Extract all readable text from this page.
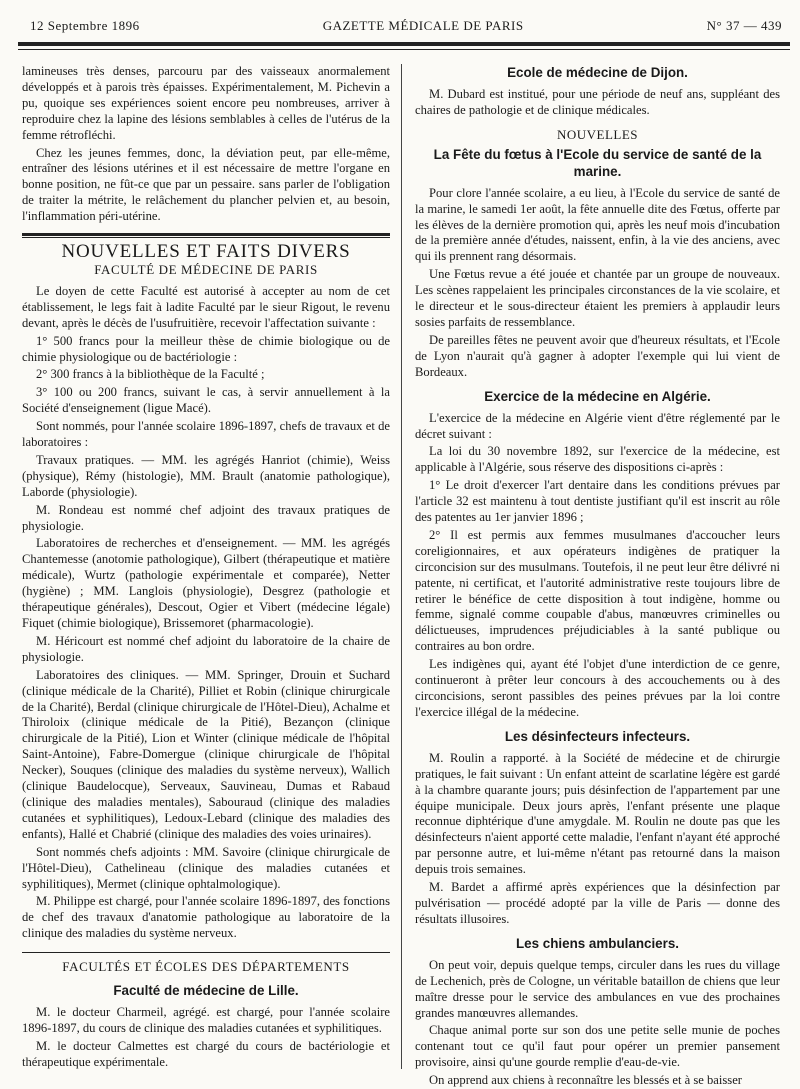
12 Septembre 1896	GAZETTE MÉDICALE DE PARIS	N° 37 — 439

lamineuses très denses, parcouru par des vaisseaux anormalement développés et à parois très épaisses. Expérimentalement, M. Pichevin a pu, quoique ses expériences soient encore peu nombreuses, arriver à reproduire chez la lapine des lésions semblables à celles de l'utérus de la femme rétrofléchi.

Chez les jeunes femmes, donc, la déviation peut, par elle-même, entraîner des lésions utérines et il est nécessaire de mettre l'organe en bonne position, ne fût-ce que par un pessaire. sans parler de l'obligation de traiter la métrite, le relâchement du plancher pelvien et, au besoin, l'inflammation péri-utérine.

NOUVELLES ET FAITS DIVERS
FACULTÉ DE MÉDECINE DE PARIS

Le doyen de cette Faculté est autorisé à accepter au nom de cet établissement, le legs fait à ladite Faculté par le sieur Rigout, le revenu devant, après le décès de l'usufruitière, recevoir l'affectation suivante :

1° 500 francs pour la meilleur thèse de chimie biologique ou de chimie physiologique ou de bactériologie :

2° 300 francs à la bibliothèque de la Faculté ;

3° 100 ou 200 francs, suivant le cas, à servir annuellement à la Société d'enseignement (ligue Macé).

Sont nommés, pour l'année scolaire 1896-1897, chefs de travaux et de laboratoires :

Travaux pratiques. — MM. les agrégés Hanriot (chimie), Weiss (physique), Rémy (histologie), MM. Brault (anatomie pathologique), Laborde (physiologie).

M. Rondeau est nommé chef adjoint des travaux pratiques de physiologie.

Laboratoires de recherches et d'enseignement. — MM. les agrégés Chantemesse (anotomie pathologique), Gilbert (thérapeutique et matière médicale), Wurtz (pathologie expérimentale et comparée), Netter (hygiène) ; MM. Langlois (physiologie), Desgrez (pathologie et thérapeutique générales), Descout, Ogier et Vibert (médecine légale) Fiquet (chimie biologique), Brissemoret (pharmacologie).

M. Héricourt est nommé chef adjoint du laboratoire de la chaire de physiologie.

Laboratoires des cliniques. — MM. Springer, Drouin et Suchard (clinique médicale de la Charité), Pilliet et Robin (clinique chirurgicale de la Charité), Berdal (clinique chirurgicale de l'Hôtel-Dieu), Achalme et Thiroloix (clinique médicale de la Pitié), Bezançon (clinique chirurgicale de la Pitié), Lion et Winter (clinique médicale de l'hôpital Saint-Antoine), Fabre-Domergue (clinique chirurgicale de l'hôpital Necker), Souques (clinique des maladies du système nerveux), Wallich (clinique Baudelocque), Serveaux, Sauvineau, Dumas et Rabaud (clinique des maladies mentales), Sabouraud (clinique des maladies cutanées et syphilitiques), Ledoux-Lebard (clinique des maladies des enfants), Hallé et Chabrié (clinique des maladies des voies urinaires).

Sont nommés chefs adjoints : MM. Savoire (clinique chirurgicale de l'Hôtel-Dieu), Cathelineau (clinique des maladies cutanées et syphilitiques), Mermet (clinique ophtalmologique).

M. Philippe est chargé, pour l'année scolaire 1896-1897, des fonctions de chef des travaux d'anatomie pathologique au laboratoire de la clinique des maladies du système nerveux.

FACULTÉS ET ÉCOLES DES DÉPARTEMENTS
Faculté de médecine de Lille.

M. le docteur Charmeil, agrégé. est chargé, pour l'année scolaire 1896-1897, du cours de clinique des maladies cutanées et syphilitiques.

M. le docteur Calmettes est chargé du cours de bactériologie et thérapeutique expérimentale.

Ecole de médecine de Dijon.

M. Dubard est institué, pour une période de neuf ans, suppléant des chaires de pathologie et de clinique médicales.

NOUVELLES
La Fête du fœtus à l'Ecole du service de santé de la marine.

Pour clore l'année scolaire, a eu lieu, à l'Ecole du service de santé de la marine, le samedi 1er août, la fête annuelle dite des Fœtus, offerte par les élèves de la dernière promotion qui, après les neuf mois d'incubation de la première année d'études, naissent, enfin, à la vie des anciens, avec qui ils prennent rang désormais.

Une Fœtus revue a été jouée et chantée par un groupe de nouveaux. Les scènes rappelaient les principales circonstances de la vie scolaire, et le directeur et le sous-directeur étaient les premiers à applaudir leurs sosies parfaits de ressemblance.

De pareilles fêtes ne peuvent avoir que d'heureux résultats, et l'Ecole de Lyon n'aurait qu'à gagner à adopter l'exemple qui lui vient de Bordeaux.

Exercice de la médecine en Algérie.

L'exercice de la médecine en Algérie vient d'être réglementé par le décret suivant :

La loi du 30 novembre 1892, sur l'exercice de la médecine, est applicable à l'Algérie, sous réserve des dispositions ci-après :

1° Le droit d'exercer l'art dentaire dans les conditions prévues par l'article 32 est maintenu à tout dentiste justifiant qu'il est inscrit au rôle des patentes au 1er janvier 1896 ;

2° Il est permis aux femmes musulmanes d'accoucher leurs coreligionnaires, et aux opérateurs indigènes de pratiquer la circoncision sur des musulmans. Toutefois, il ne peut leur être délivré ni patente, ni certificat, et l'autorité administrative reste toujours libre de retirer le bénéfice de cette disposition à tout indigène, homme ou femme, signalé comme coupable d'abus, manœuvres criminelles ou délictueuses, imprudences préjudiciables à la santé publique ou contraires au bon ordre.

Les indigènes qui, ayant été l'objet d'une interdiction de ce genre, continueront à prêter leur concours à des accouchements ou à des circoncisions, seront passibles des peines prévues par la loi contre l'exercice illégal de la médecine.

Les désinfecteurs infecteurs.

M. Roulin a rapporté. à la Société de médecine et de chirurgie pratiques, le fait suivant : Un enfant atteint de scarlatine légère est gardé à la chambre quarante jours; puis désinfection de l'appartement par une équipe municipale. Deux jours après, l'enfant présente une plaque reconnue diphtérique d'une amygdale. M. Roulin ne doute pas que les désinfecteurs n'aient apporté cette maladie, l'enfant n'ayant été approché par personne autre, et lui-même n'étant pas retourné dans la maison depuis trois semaines.

M. Bardet a affirmé après expériences que la désinfection par pulvérisation — procédé adopté par la ville de Paris — donne des résultats illusoires.

Les chiens ambulanciers.

On peut voir, depuis quelque temps, circuler dans les rues du village de Lechenich, près de Cologne, un véritable bataillon de chiens que leur maître dresse pour le service des ambulances en vue des prochaines grandes manœuvres allemandes.

Chaque animal porte sur son dos une petite selle munie de poches contenant tout ce qu'il faut pour opérer un premier pansement provisoire, ainsi qu'une gourde remplie d'eau-de-vie.

On apprend aux chiens à reconnaître les blessés et à se baisser
